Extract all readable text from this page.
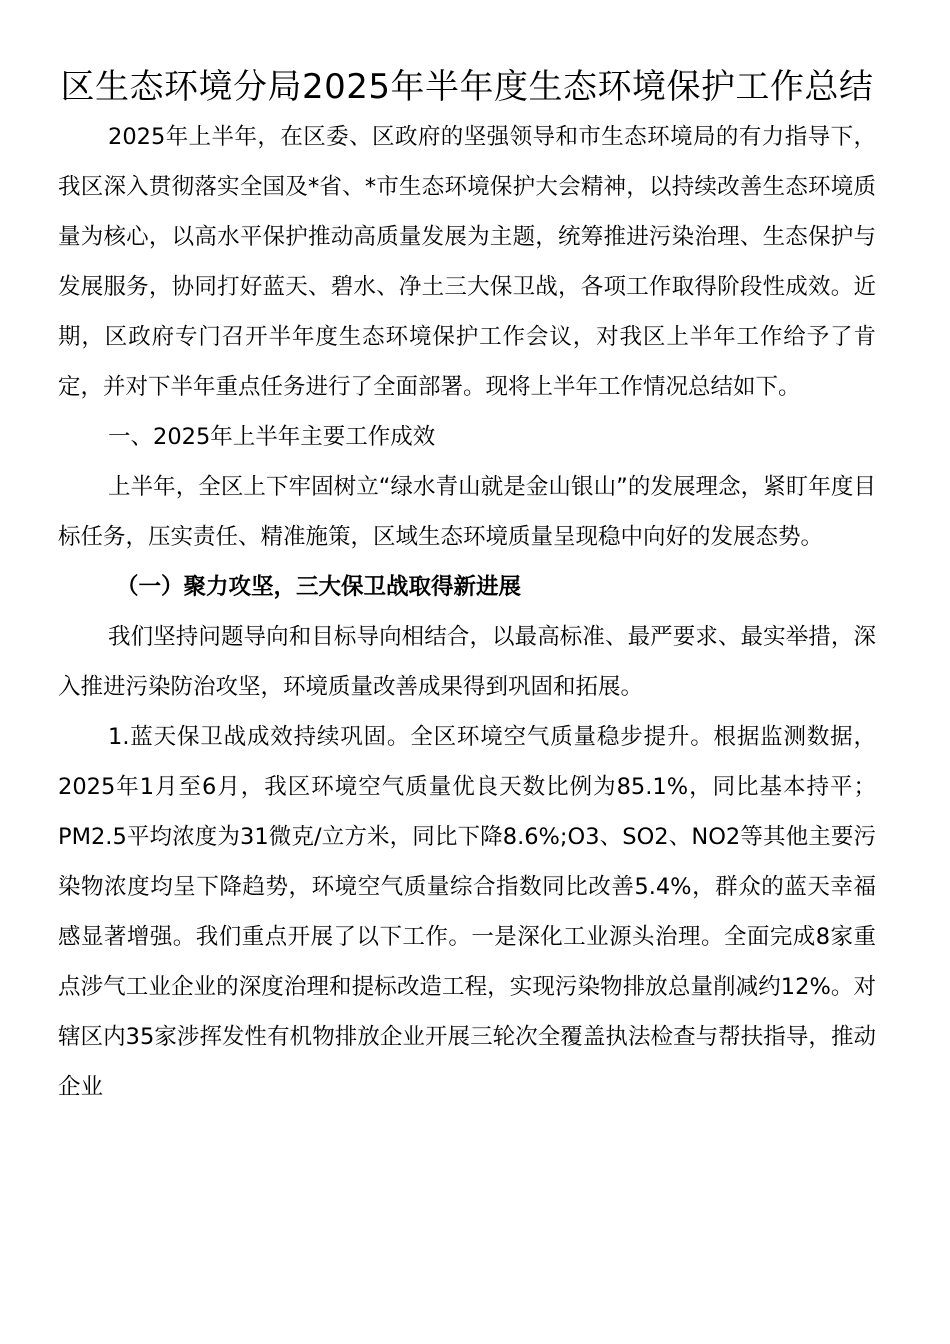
区生态环境分局2025年半年度生态环境保护工作总结

2025年上半年，在区委、区政府的坚强领导和市生态环境局的有力指导下，我区深入贯彻落实全国及*省、*市生态环境保护大会精神，以持续改善生态环境质量为核心，以高水平保护推动高质量发展为主题，统筹推进污染治理、生态保护与发展服务，协同打好蓝天、碧水、净土三大保卫战，各项工作取得阶段性成效。近期，区政府专门召开半年度生态环境保护工作会议，对我区上半年工作给予了肯定，并对下半年重点任务进行了全面部署。现将上半年工作情况总结如下。

一、2025年上半年主要工作成效

上半年，全区上下牢固树立“绿水青山就是金山银山”的发展理念，紧盯年度目标任务，压实责任、精准施策，区域生态环境质量呈现稳中向好的发展态势。

（一）聚力攻坚，三大保卫战取得新进展

我们坚持问题导向和目标导向相结合，以最高标准、最严要求、最实举措，深入推进污染防治攻坚，环境质量改善成果得到巩固和拓展。

1.蓝天保卫战成效持续巩固。全区环境空气质量稳步提升。根据监测数据，2025年1月至6月，我区环境空气质量优良天数比例为85.1%，同比基本持平；PM2.5平均浓度为31微克/立方米，同比下降8.6%;O3、SO2、NO2等其他主要污染物浓度均呈下降趋势，环境空气质量综合指数同比改善5.4%，群众的蓝天幸福感显著增强。我们重点开展了以下工作。一是深化工业源头治理。全面完成8家重点涉气工业企业的深度治理和提标改造工程，实现污染物排放总量削减约12%。对辖区内35家涉挥发性有机物排放企业开展三轮次全覆盖执法检查与帮扶指导，推动企业
